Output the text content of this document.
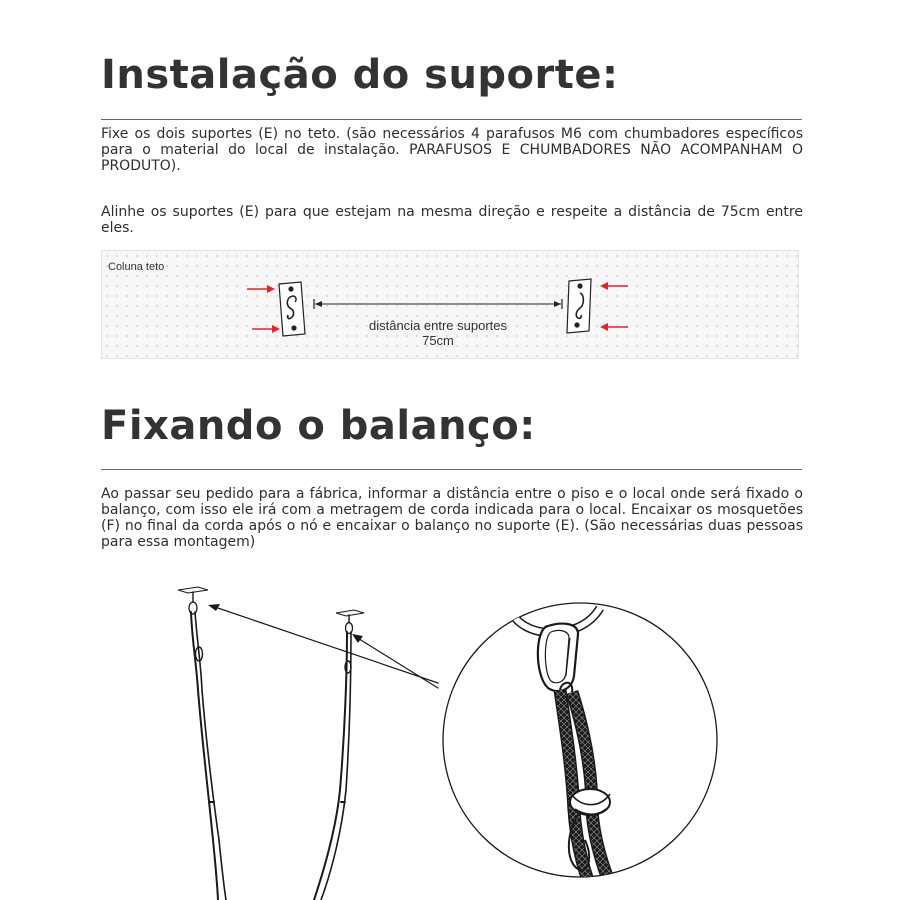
Instalação do suporte:

Fixe os dois suportes (E) no teto. (são necessários 4 parafusos M6 com chumbadores específicos para o material do local de instalação. PARAFUSOS E CHUMBADORES NÃO ACOMPANHAM O PRODUTO).

Alinhe os suportes (E) para que estejam na mesma direção e respeite a distância de 75cm entre eles.

Coluna teto
distância entre suportes
75cm
Fixando o balanço:

Ao passar seu pedido para a fábrica, informar a distância entre o piso e o local onde será fixado o balanço, com isso ele irá com a metragem de corda indicada para o local. Encaixar os mosquetões (F) no final da corda após o nó e encaixar o balanço no suporte (E). (São necessárias duas pessoas para essa montagem)
